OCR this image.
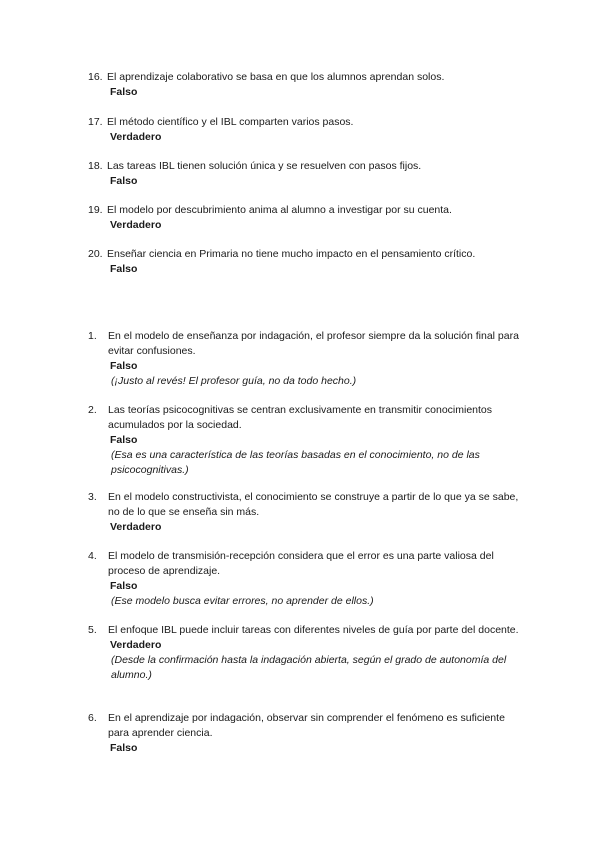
16. El aprendizaje colaborativo se basa en que los alumnos aprendan solos.
Falso
17. El método científico y el IBL comparten varios pasos.
Verdadero
18. Las tareas IBL tienen solución única y se resuelven con pasos fijos.
Falso
19. El modelo por descubrimiento anima al alumno a investigar por su cuenta.
Verdadero
20. Enseñar ciencia en Primaria no tiene mucho impacto en el pensamiento crítico.
Falso
1. En el modelo de enseñanza por indagación, el profesor siempre da la solución final para evitar confusiones.
Falso
(¡Justo al revés! El profesor guía, no da todo hecho.)
2. Las teorías psicocognitivas se centran exclusivamente en transmitir conocimientos acumulados por la sociedad.
Falso
(Esa es una característica de las teorías basadas en el conocimiento, no de las psicocognitivas.)
3. En el modelo constructivista, el conocimiento se construye a partir de lo que ya se sabe, no de lo que se enseña sin más.
Verdadero
4. El modelo de transmisión-recepción considera que el error es una parte valiosa del proceso de aprendizaje.
Falso
(Ese modelo busca evitar errores, no aprender de ellos.)
5. El enfoque IBL puede incluir tareas con diferentes niveles de guía por parte del docente.
Verdadero
(Desde la confirmación hasta la indagación abierta, según el grado de autonomía del alumno.)
6. En el aprendizaje por indagación, observar sin comprender el fenómeno es suficiente para aprender ciencia.
Falso
